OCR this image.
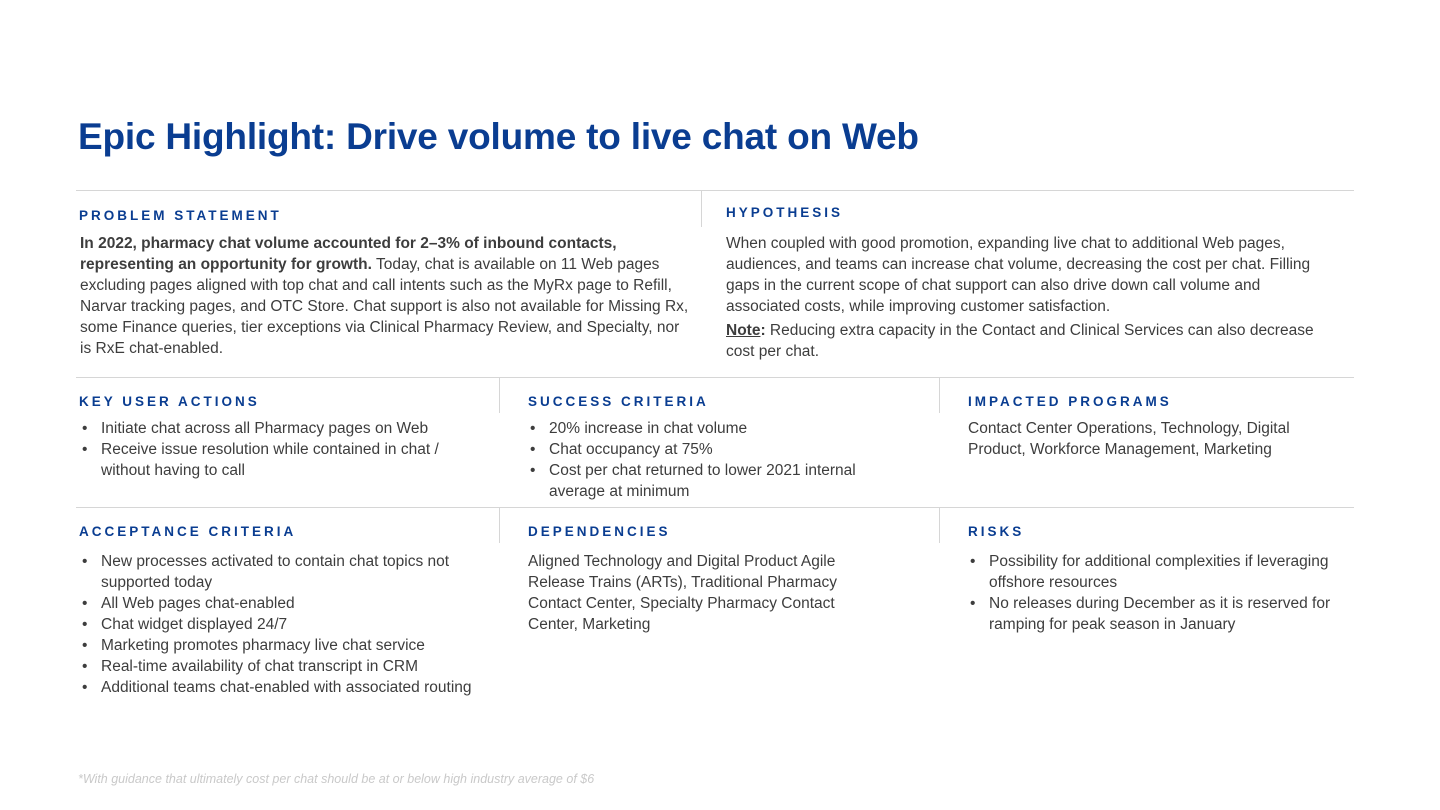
Epic Highlight: Drive volume to live chat on Web
PROBLEM STATEMENT

In 2022, pharmacy chat volume accounted for 2–3% of inbound contacts, representing an opportunity for growth. Today, chat is available on 11 Web pages excluding pages aligned with top chat and call intents such as the MyRx page to Refill, Narvar tracking pages, and OTC Store. Chat support is also not available for Missing Rx, some Finance queries, tier exceptions via Clinical Pharmacy Review, and Specialty, nor is RxE chat-enabled.

HYPOTHESIS

When coupled with good promotion, expanding live chat to additional Web pages, audiences, and teams can increase chat volume, decreasing the cost per chat. Filling gaps in the current scope of chat support can also drive down call volume and associated costs, while improving customer satisfaction.

Note: Reducing extra capacity in the Contact and Clinical Services can also decrease cost per chat.

KEY USER ACTIONS
• Initiate chat across all Pharmacy pages on Web
• Receive issue resolution while contained in chat / without having to call
SUCCESS CRITERIA
• 20% increase in chat volume
• Chat occupancy at 75%
• Cost per chat returned to lower 2021 internal average at minimum
IMPACTED PROGRAMS

Contact Center Operations, Technology, Digital Product, Workforce Management, Marketing

ACCEPTANCE CRITERIA
• New processes activated to contain chat topics not supported today
• All Web pages chat-enabled
• Chat widget displayed 24/7
• Marketing promotes pharmacy live chat service
• Real-time availability of chat transcript in CRM
• Additional teams chat-enabled with associated routing
DEPENDENCIES

Aligned Technology and Digital Product Agile Release Trains (ARTs), Traditional Pharmacy Contact Center, Specialty Pharmacy Contact Center, Marketing

RISKS
• Possibility for additional complexities if leveraging offshore resources
• No releases during December as it is reserved for ramping for peak season in January

*With guidance that ultimately cost per chat should be at or below high industry average of $6
